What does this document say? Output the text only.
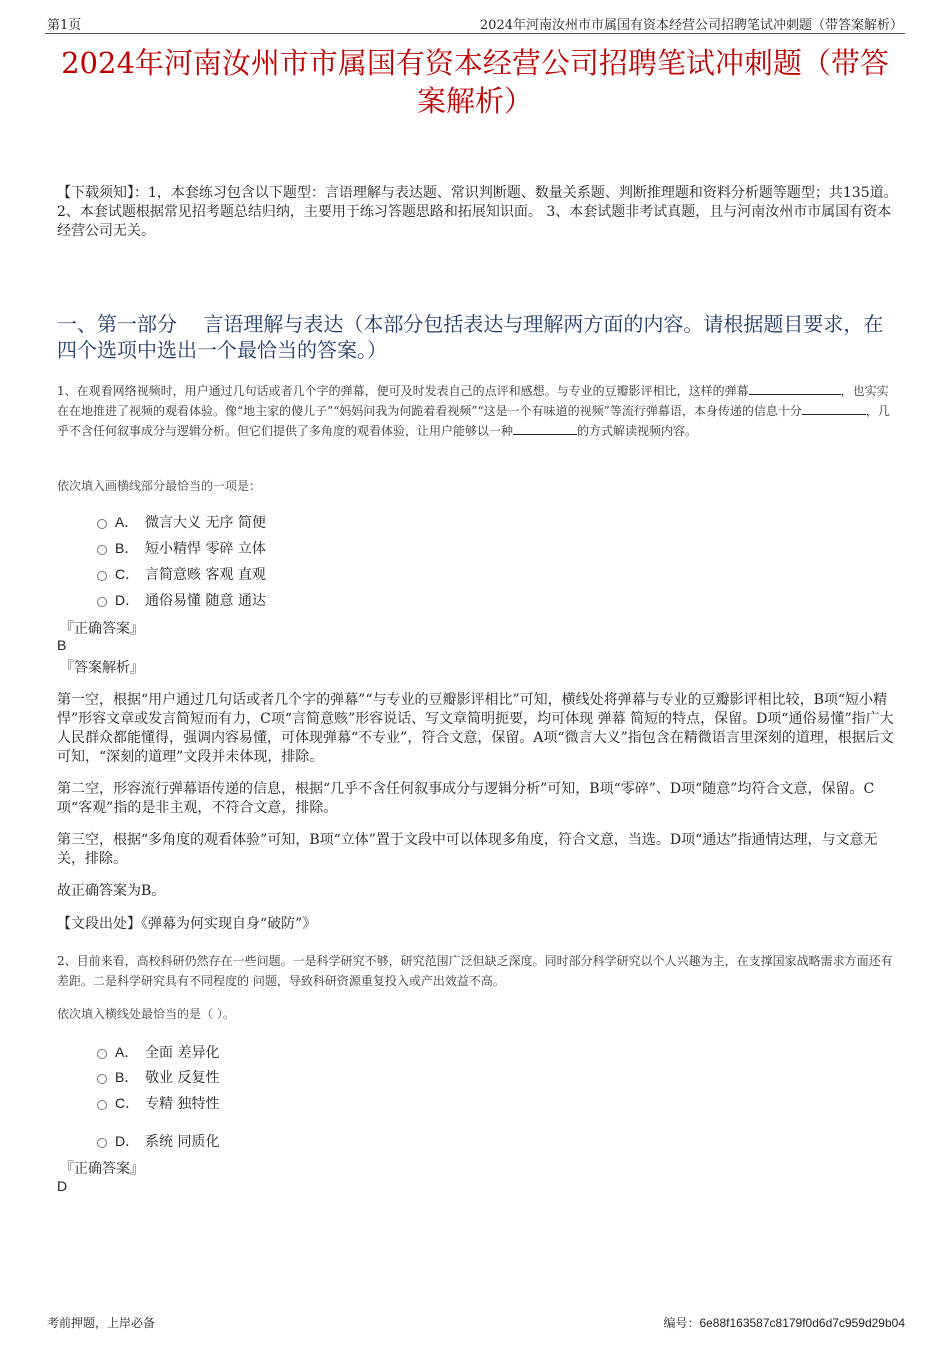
第1页	2024年河南汝州市市属国有资本经营公司招聘笔试冲刺题（带答案解析）
2024年河南汝州市市属国有资本经营公司招聘笔试冲刺题（带答案解析）
【下载须知】：1，本套练习包含以下题型：言语理解与表达题、常识判断题、数量关系题、判断推理题和资料分析题等题型；共135道。 2、本套试题根据常见招考题总结归纳，主要用于练习答题思路和拓展知识面。 3、本套试题非考试真题，且与河南汝州市市属国有资本经营公司无关。
一、第一部分　 言语理解与表达（本部分包括表达与理解两方面的内容。请根据题目要求，在四个选项中选出一个最恰当的答案。）
1、在观看网络视频时，用户通过几句话或者几个字的弹幕，便可及时发表自己的点评和感想。与专业的豆瓣影评相比，这样的弹幕	，也实实在在地推进了视频的观看体验。像“地主家的傻儿子”“妈妈问我为何跪着看视频”“这是一个有味道的视频”等流行弹幕语，本身传递的信息十分	，几乎不含任何叙事成分与逻辑分析。但它们提供了多角度的观看体验，让用户能够以一种	的方式解读视频内容。
依次填入画横线部分最恰当的一项是：
A． 微言大义 无序 简便
B． 短小精悍 零碎 立体
C． 言简意赅 客观 直观
D． 通俗易懂 随意 通达
『正确答案』
B
『答案解析』
第一空，根据“用户通过几句话或者几个字的弹幕”“与专业的豆瓣影评相比”可知，横线处将弹幕与专业的豆瓣影评相比较，B项“短小精悍”形容文章或发言简短而有力，C项“言简意赅”形容说话、写文章简明扼要，均可体现 弹幕 简短的特点，保留。D项“通俗易懂”指广大人民群众都能懂得，强调内容易懂，可体现弹幕“不专业”，符合文意，保留。A项“微言大义”指包含在精微语言里深刻的道理，根据后文可知，“深刻的道理”文段并未体现，排除。
第二空，形容流行弹幕语传递的信息，根据“几乎不含任何叙事成分与逻辑分析”可知，B项“零碎”、D项“随意”均符合文意，保留。C项“客观”指的是非主观，不符合文意，排除。
第三空，根据“多角度的观看体验”可知，B项“立体”置于文段中可以体现多角度，符合文意，当选。D项“通达”指通情达理，与文意无关，排除。
故正确答案为B。
【文段出处】《弹幕为何实现自身“破防”》
2、目前来看，高校科研仍然存在一些问题。一是科学研究不够，研究范围广泛但缺乏深度。同时部分科学研究以个人兴趣为主，在支撑国家战略需求方面还有差距。二是科学研究具有不同程度的 问题，导致科研资源重复投入或产出效益不高。
依次填入横线处最恰当的是（ ）。
A． 全面 差异化
B． 敬业 反复性
C． 专精 独特性
D． 系统 同质化
『正确答案』
D
考前押题，上岸必备	编号：6e88f163587c8179f0d6d7c959d29b04
